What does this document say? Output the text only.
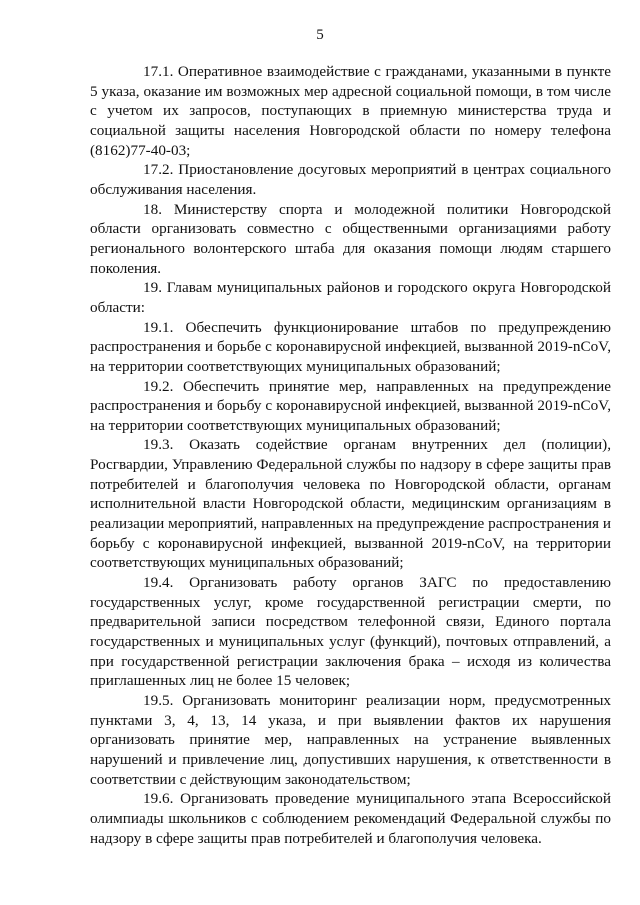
5

17.1. Оперативное взаимодействие с гражданами, указанными в пункте 5 указа, оказание им возможных мер адресной социальной помощи, в том числе с учетом их запросов, поступающих в приемную министерства труда и социальной защиты населения Новгородской области по номеру телефона (8162)77-40-03;

17.2. Приостановление досуговых мероприятий в центрах социального обслуживания населения.

18. Министерству спорта и молодежной политики Новгородской области организовать совместно с общественными организациями работу регионального волонтерского штаба для оказания помощи людям старшего поколения.

19. Главам муниципальных районов и городского округа Новгородской области:

19.1. Обеспечить функционирование штабов по предупреждению распространения и борьбе с коронавирусной инфекцией, вызванной 2019-nCoV, на территории соответствующих муниципальных образований;

19.2. Обеспечить принятие мер, направленных на предупреждение распространения и борьбу с коронавирусной инфекцией, вызванной 2019-nCoV, на территории соответствующих муниципальных образований;

19.3. Оказать содействие органам внутренних дел (полиции), Росгвардии, Управлению Федеральной службы по надзору в сфере защиты прав потребителей и благополучия человека по Новгородской области, органам исполнительной власти Новгородской области, медицинским организациям в реализации мероприятий, направленных на предупреждение распространения и борьбу с коронавирусной инфекцией, вызванной 2019-nCoV, на территории соответствующих муниципальных образований;

19.4. Организовать работу органов ЗАГС по предоставлению государственных услуг, кроме государственной регистрации смерти, по предварительной записи посредством телефонной связи, Единого портала государственных и муниципальных услуг (функций), почтовых отправлений, а при государственной регистрации заключения брака – исходя из количества приглашенных лиц не более 15 человек;

19.5. Организовать мониторинг реализации норм, предусмотренных пунктами 3, 4, 13, 14 указа, и при выявлении фактов их нарушения организовать принятие мер, направленных на устранение выявленных нарушений и привлечение лиц, допустивших нарушения, к ответственности в соответствии с действующим законодательством;

19.6. Организовать проведение муниципального этапа Всероссийской олимпиады школьников с соблюдением рекомендаций Федеральной службы по надзору в сфере защиты прав потребителей и благополучия человека.
